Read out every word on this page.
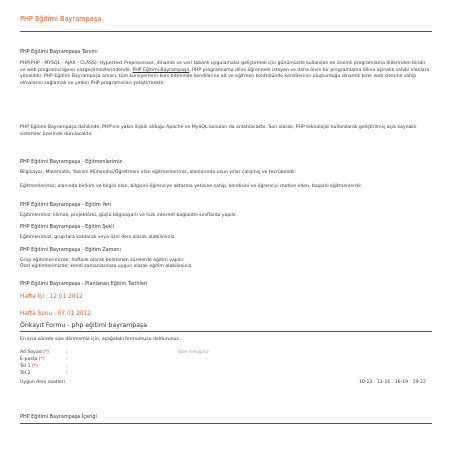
PHP Eğitimi Bayrampaşa
PHP Eğitimi Bayrampaşa Tanımı
PHP(PHP - MYSQL - AJAX - CLASS): Hypertext Preprocessor, dinamik ve veri tabanlı uygulamalar geliştirmek için günümüzde kullanılan en önemli programlama dillerinden biridir ve web programcılığının vazgeçilmezlerindendir. PHP Eğitimi Bayrampaşa, PHP programlama dilini öğrenmek isteyen ve daha önce bir programlama diline aşinalık sahibi olanlara yöneliktir. PHP Eğitimi Bayrampaşa amacı, tüm kursiyerlerin kurs bitiminde kendilerine ait ve eğitmen kontrolünde kendilerinin oluşturduğu dinamik birer web sitesine sahip olmalarını sağlamak ve yetkin PHP programcıları yetiştirmektir.
PHP Eğitimi Bayrampaşa dahilinde, PHP'nin yakın ilişkili olduğu Apache ve MySQL konuları da anlatılacaktır. Son olarak, PHP teknolojisi kullanılarak geliştirilmiş açık kaynaklı sistemler üzerinde durulacaktır.
PHP Eğitimi Bayrampaşa - Eğitmenlerimiz
Bilgisayar, Matematik, Yazılım Mühendisi/Öğretmeni olan eğitmenlerimiz, alanlarında uzun yıllar çalışmış ve tecrübelidir.
Eğitmenlerimiz; alanında birikim ve bilgisi olan, bilgisini öğrenciye aktarma yetisine sahip, kendisini ve öğrenciyi motive eden, başarılı eğitmenlerdir.
PHP Eğitimi Bayrampaşa - Eğitim Yeri
Eğitimlerimiz; klimalı, projektörlü, güçlü bilgisayarlı ve hızlı internet bağlantılı sınıflarda yapılır.
PHP Eğitimi Bayrampaşa - Eğitim Şekli
Eğitimlerimizi, grup'lara katılarak veya özel ders olarak alabilirsiniz.
PHP Eğitimi Bayrampaşa - Eğitim Zamanı
Grup eğitimlerimizde; haftalık olarak belirlenen sürelerde eğitim yapılır.
Özel eğitimlerimizde; kendi zamanlarınıza uygun olarak eğitim alabilirsiniz.
PHP Eğitimi Bayrampaşa - Planlanan Eğitim Tarihleri
Hafta İçi : 12 01 2012
Hafta Sonu : 07 01 2012
Önkayıt Formu - php eğitimi bayrampaşa
En kısa sürede size dönmemiz için, aşağıdaki formumuzu doldurunuz.
Ad Soyad (*)	:
E-posta (*)	:
Tel 1 (*)	:
Tel 2	:
Bize mesajınız
Uygun ders saatleri	10-13 13-16 16-19 19-22
PHP Eğitimi Bayrampaşa İçeriği
